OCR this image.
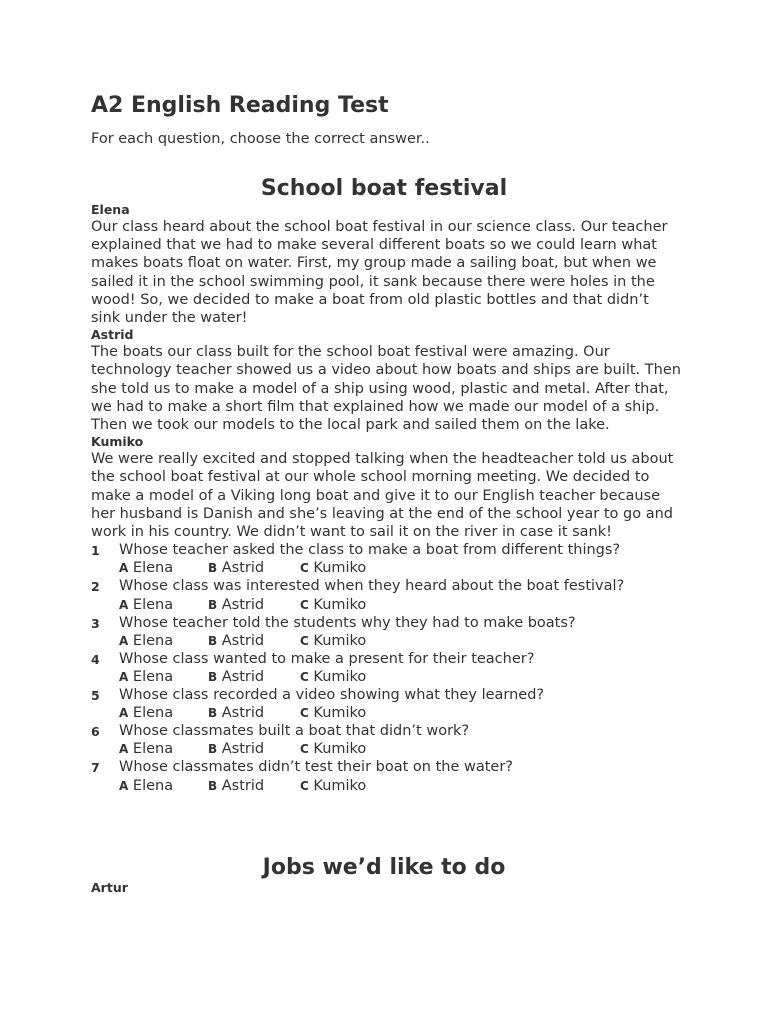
A2 English Reading Test

For each question, choose the correct answer..

School boat festival

Elena

Our class heard about the school boat festival in our science class. Our teacher explained that we had to make several different boats so we could learn what makes boats float on water. First, my group made a sailing boat, but when we sailed it in the school swimming pool, it sank because there were holes in the wood! So, we decided to make a boat from old plastic bottles and that didn’t sink under the water!

Astrid

The boats our class built for the school boat festival were amazing. Our technology teacher showed us a video about how boats and ships are built. Then she told us to make a model of a ship using wood, plastic and metal. After that, we had to make a short film that explained how we made our model of a ship. Then we took our models to the local park and sailed them on the lake.

Kumiko

We were really excited and stopped talking when the headteacher told us about the school boat festival at our whole school morning meeting. We decided to make a model of a Viking long boat and give it to our English teacher because her husband is Danish and she’s leaving at the end of the school year to go and work in his country. We didn’t want to sail it on the river in case it sank!

1 Whose teacher asked the class to make a boat from different things?
A Elena	B Astrid	C Kumiko
2 Whose class was interested when they heard about the boat festival?
A Elena	B Astrid	C Kumiko
3 Whose teacher told the students why they had to make boats?
A Elena	B Astrid	C Kumiko
4 Whose class wanted to make a present for their teacher?
A Elena	B Astrid	C Kumiko
5 Whose class recorded a video showing what they learned?
A Elena	B Astrid	C Kumiko
6 Whose classmates built a boat that didn’t work?
A Elena	B Astrid	C Kumiko
7 Whose classmates didn’t test their boat on the water?
A Elena	B Astrid	C Kumiko
Jobs we’d like to do

Artur
